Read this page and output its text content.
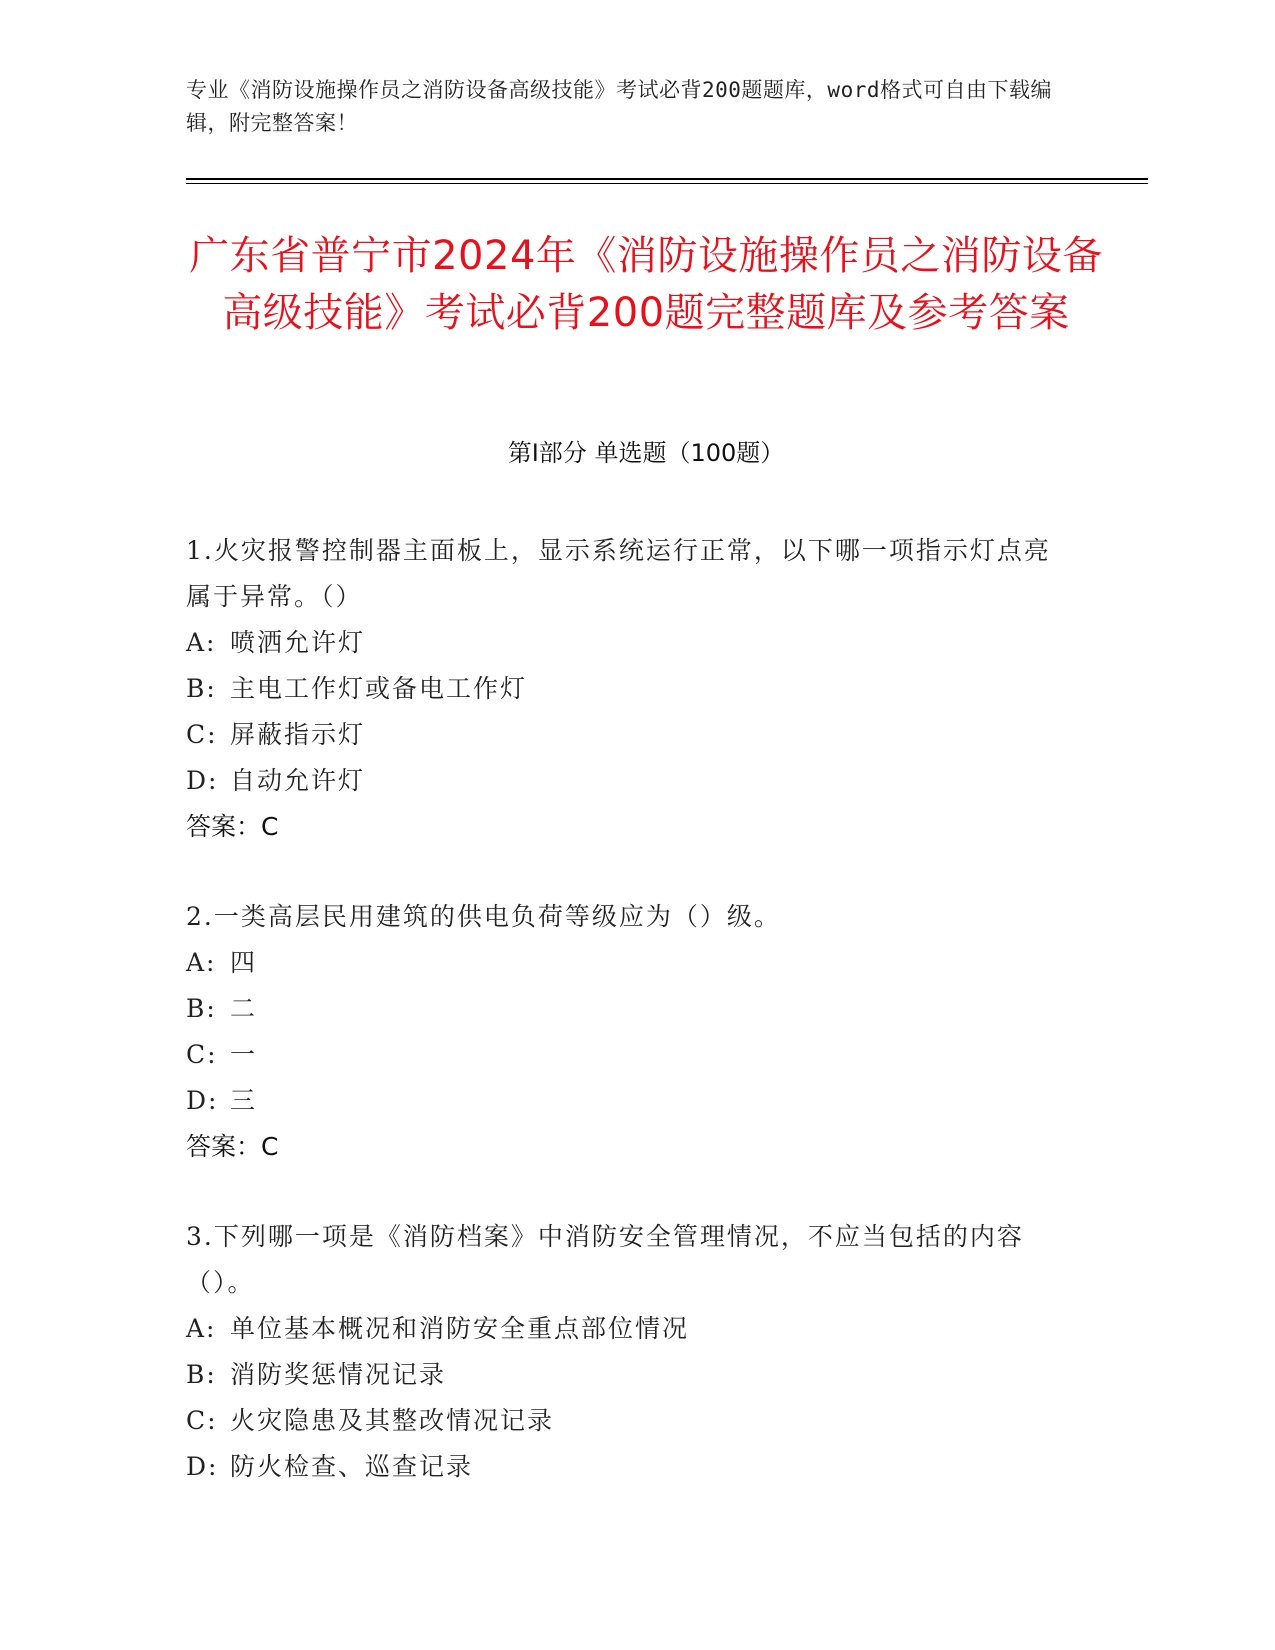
专业《消防设施操作员之消防设备高级技能》考试必背200题题库，word格式可自由下载编辑，附完整答案！
广东省普宁市2024年《消防设施操作员之消防设备高级技能》考试必背200题完整题库及参考答案
第I部分 单选题（100题）
1.火灾报警控制器主面板上，显示系统运行正常，以下哪一项指示灯点亮属于异常。（）
A: 喷洒允许灯
B: 主电工作灯或备电工作灯
C: 屏蔽指示灯
D: 自动允许灯
答案：C
2.一类高层民用建筑的供电负荷等级应为（）级。
A: 四
B: 二
C: 一
D: 三
答案：C
3.下列哪一项是《消防档案》中消防安全管理情况，不应当包括的内容（）。
A: 单位基本概况和消防安全重点部位情况
B: 消防奖惩情况记录
C: 火灾隐患及其整改情况记录
D: 防火检查、巡查记录
